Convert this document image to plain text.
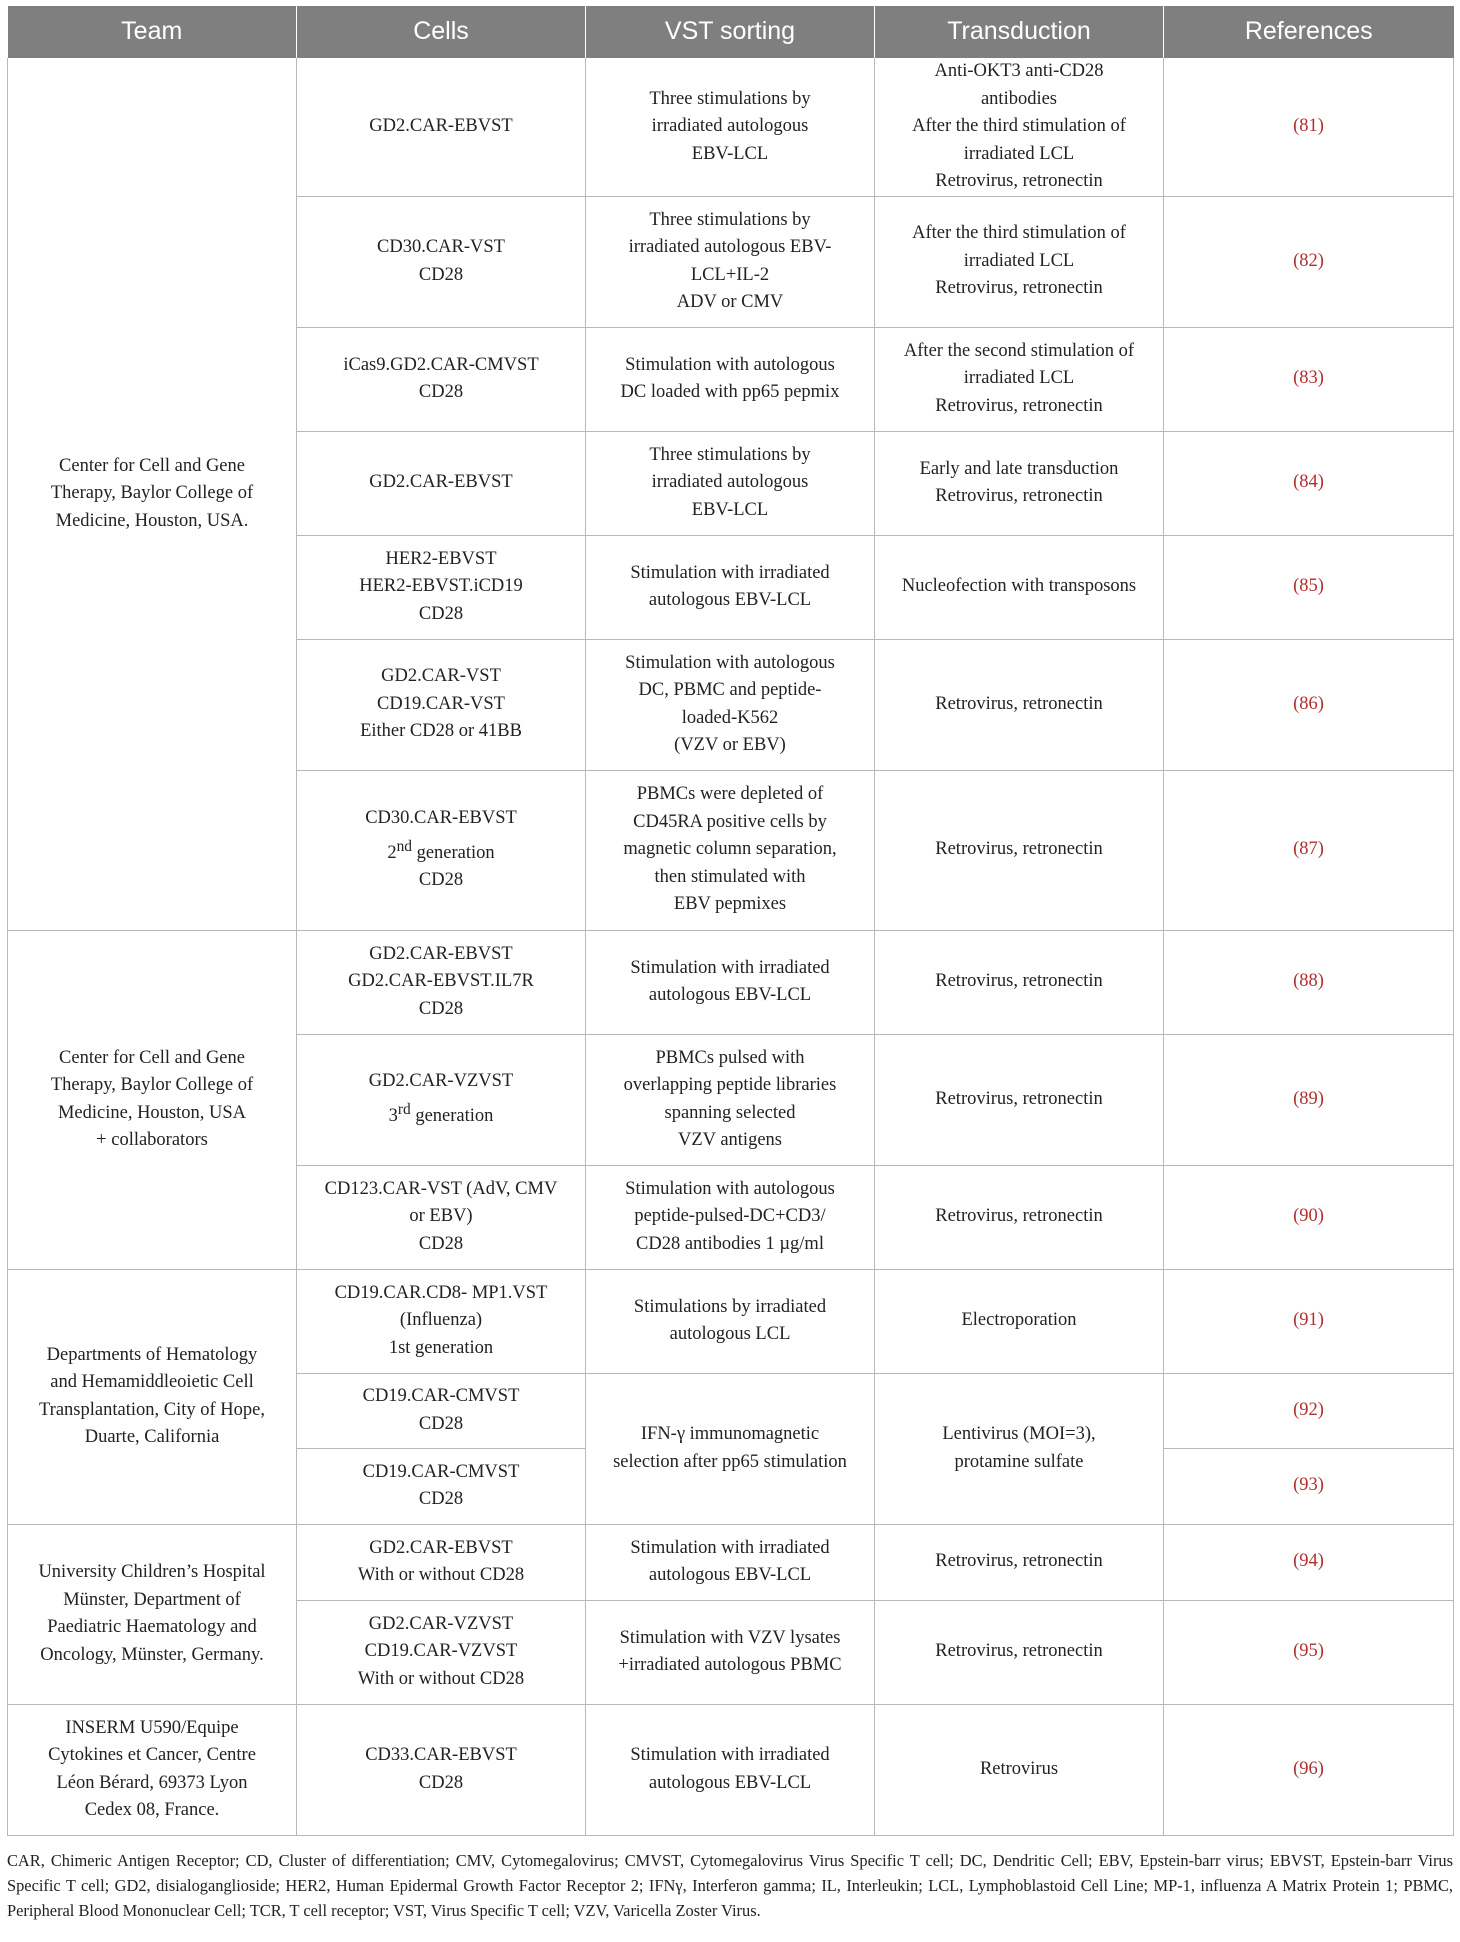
Team	Cells	VST sorting	Transduction	References

Center for Cell and Gene
Therapy, Baylor College of
Medicine, Houston, USA.	GD2.CAR-EBVST	Three stimulations by
irradiated autologous
EBV-LCL	Anti-OKT3 anti-CD28
antibodies
After the third stimulation of
irradiated LCL
Retrovirus, retronectin	(81)

	CD30.CAR-VST
CD28	Three stimulations by
irradiated autologous EBV-
LCL+IL-2
ADV or CMV	After the third stimulation of
irradiated LCL
Retrovirus, retronectin	(82)

	iCas9.GD2.CAR-CMVST
CD28	Stimulation with autologous
DC loaded with pp65 pepmix	After the second stimulation of
irradiated LCL
Retrovirus, retronectin	(83)

	GD2.CAR-EBVST	Three stimulations by
irradiated autologous
EBV-LCL	Early and late transduction
Retrovirus, retronectin	(84)

	HER2-EBVST
HER2-EBVST.iCD19
CD28	Stimulation with irradiated
autologous EBV-LCL	Nucleofection with transposons	(85)

	GD2.CAR-VST
CD19.CAR-VST
Either CD28 or 41BB	Stimulation with autologous
DC, PBMC and peptide-
loaded-K562
(VZV or EBV)	Retrovirus, retronectin	(86)

	CD30.CAR-EBVST
2nd generation
CD28	PBMCs were depleted of
CD45RA positive cells by
magnetic column separation,
then stimulated with
EBV pepmixes	Retrovirus, retronectin	(87)

Center for Cell and Gene
Therapy, Baylor College of
Medicine, Houston, USA
+ collaborators	GD2.CAR-EBVST
GD2.CAR-EBVST.IL7R
CD28	Stimulation with irradiated
autologous EBV-LCL	Retrovirus, retronectin	(88)

	GD2.CAR-VZVST
3rd generation	PBMCs pulsed with
overlapping peptide libraries
spanning selected
VZV antigens	Retrovirus, retronectin	(89)

	CD123.CAR-VST (AdV, CMV
or EBV)
CD28	Stimulation with autologous
peptide-pulsed-DC+CD3/
CD28 antibodies 1 µg/ml	Retrovirus, retronectin	(90)

Departments of Hematology
and Hemamiddleoietic Cell
Transplantation, City of Hope,
Duarte, California	CD19.CAR.CD8- MP1.VST
(Influenza)
1st generation	Stimulations by irradiated
autologous LCL	Electroporation	(91)

	CD19.CAR-CMVST
CD28	IFN-γ immunomagnetic
selection after pp65 stimulation	Lentivirus (MOI=3),
protamine sulfate	(92)

	CD19.CAR-CMVST
CD28			(93)

University Children’s Hospital
Münster, Department of
Paediatric Haematology and
Oncology, Münster, Germany.	GD2.CAR-EBVST
With or without CD28	Stimulation with irradiated
autologous EBV-LCL	Retrovirus, retronectin	(94)

	GD2.CAR-VZVST
CD19.CAR-VZVST
With or without CD28	Stimulation with VZV lysates
+irradiated autologous PBMC	Retrovirus, retronectin	(95)

INSERM U590/Equipe
Cytokines et Cancer, Centre
Léon Bérard, 69373 Lyon
Cedex 08, France.	CD33.CAR-EBVST
CD28	Stimulation with irradiated
autologous EBV-LCL	Retrovirus	(96)
CAR, Chimeric Antigen Receptor; CD, Cluster of differentiation; CMV, Cytomegalovirus; CMVST, Cytomegalovirus Virus Specific T cell; DC, Dendritic Cell; EBV, Epstein-barr virus; EBVST, Epstein-barr Virus Specific T cell; GD2, disialoganglioside; HER2, Human Epidermal Growth Factor Receptor 2; IFNγ, Interferon gamma; IL, Interleukin; LCL, Lymphoblastoid Cell Line; MP-1, influenza A Matrix Protein 1; PBMC, Peripheral Blood Mononuclear Cell; TCR, T cell receptor; VST, Virus Specific T cell; VZV, Varicella Zoster Virus.
